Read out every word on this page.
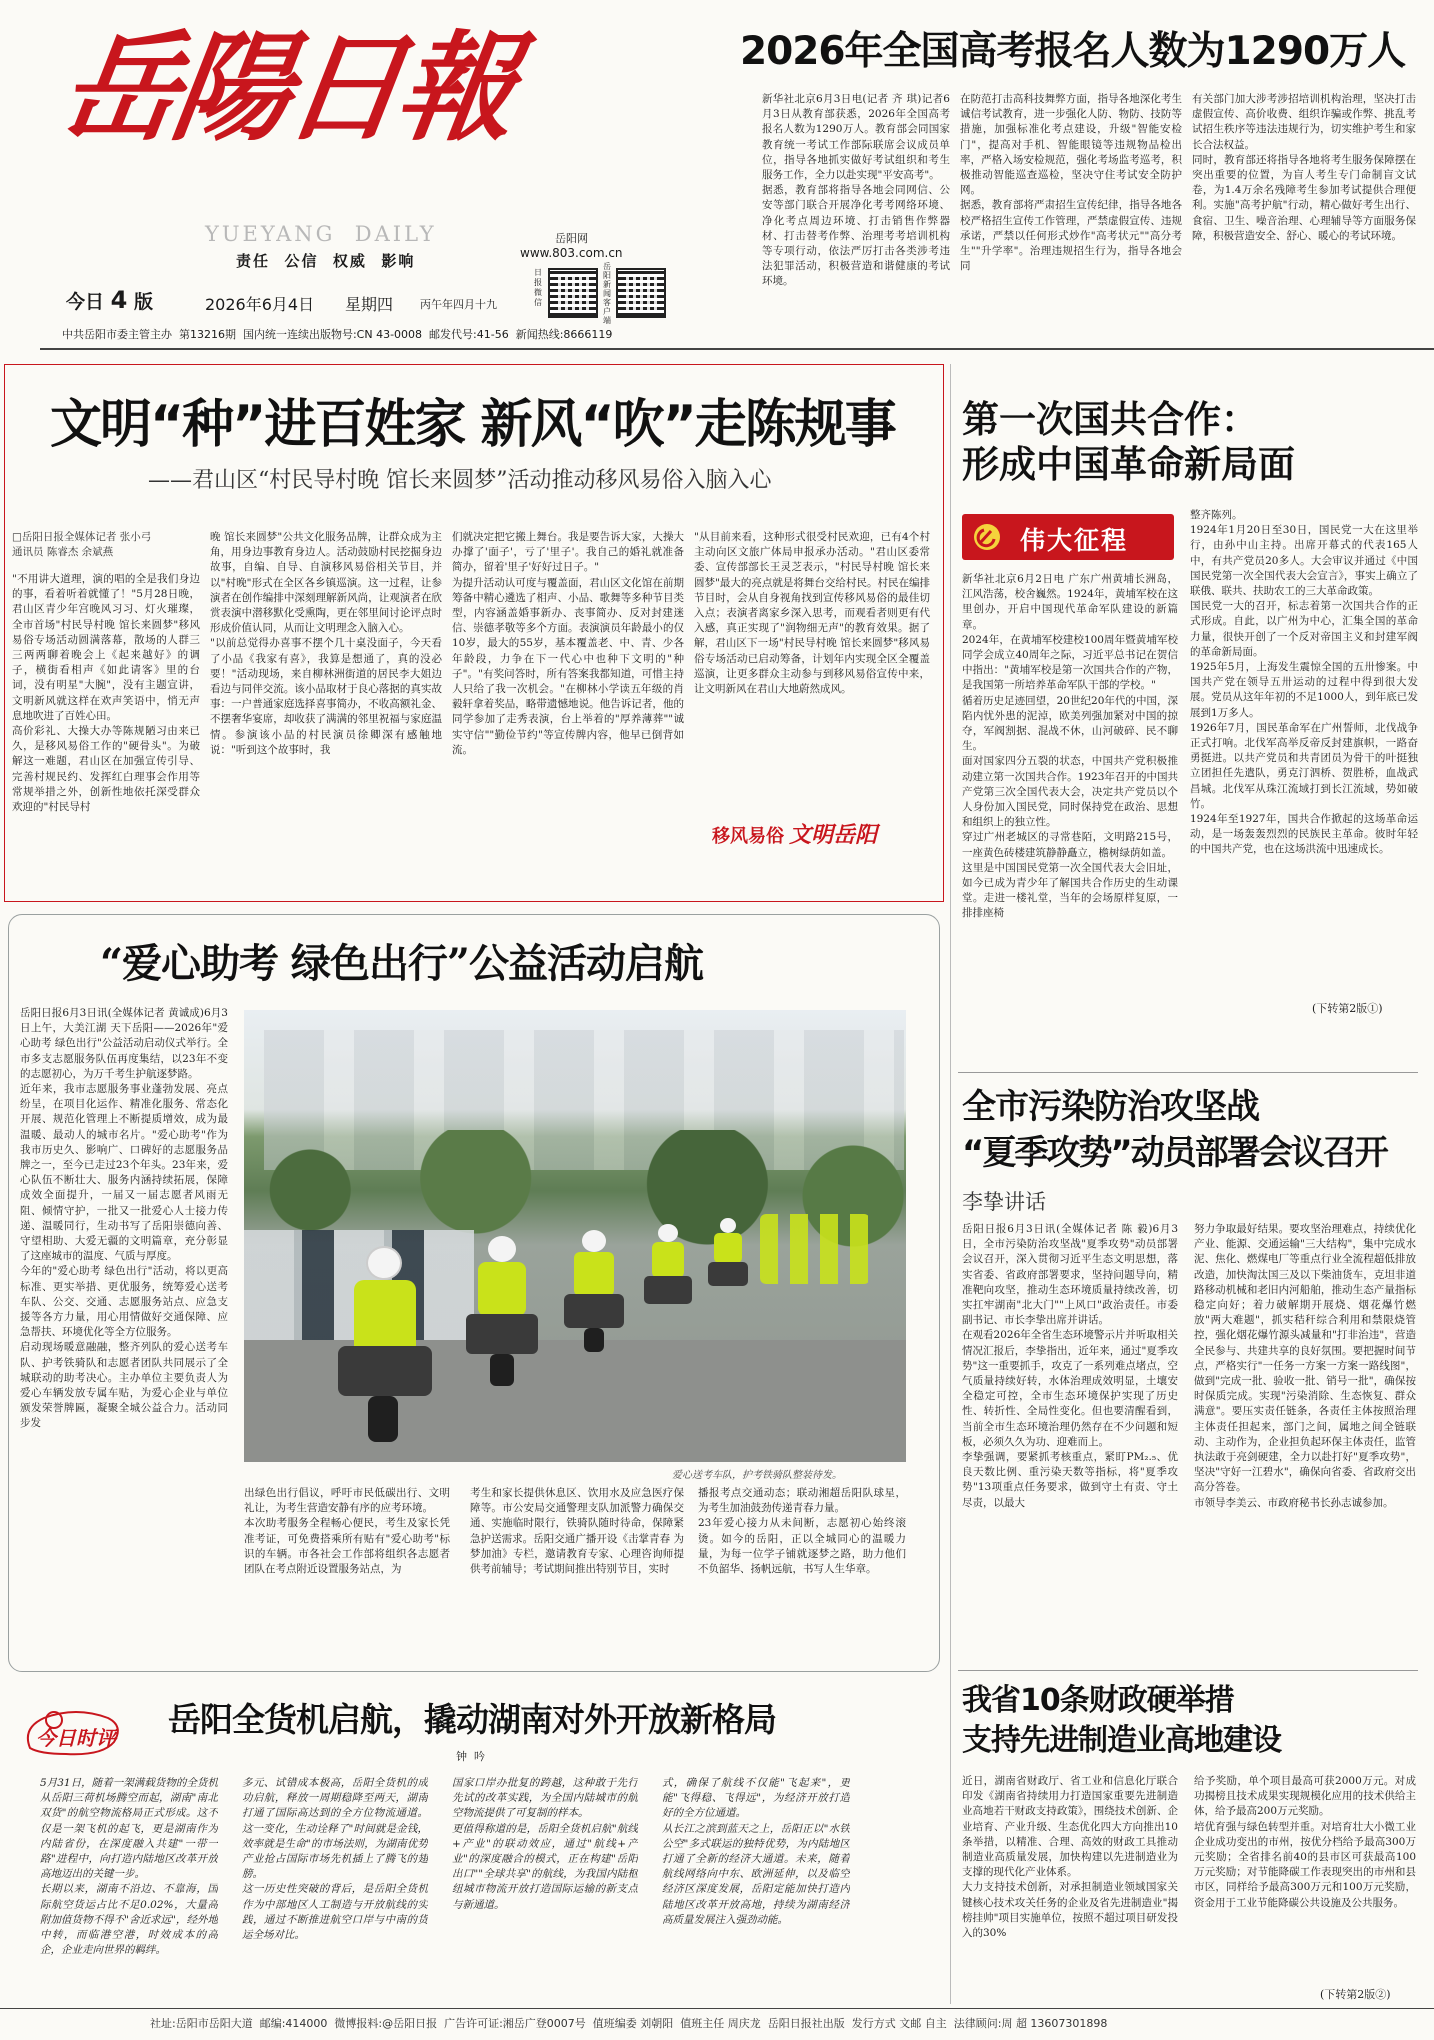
岳陽日報
YUEYANG  DAILY
责任  公信  权威  影响
岳阳网
www.803.com.cn
日报微信
岳阳新闻客户端
今日 4 版	2026年6月4日 星期四 丙午年四月十九
中共岳阳市委主管主办  第13216期  国内统一连续出版物号:CN 43-0008  邮发代号:41-56  新闻热线:8666119
2026年全国高考报名人数为1290万人
新华社北京6月3日电(记者 齐 琪)记者6月3日从教育部获悉，2026年全国高考报名人数为1290万人。教育部会同国家教育统一考试工作部际联席会议成员单位，指导各地抓实做好考试组织和考生服务工作，全力以赴实现"平安高考"。
据悉，教育部将指导各地会同网信、公安等部门联合开展净化考考网络环境、净化考点周边环境、打击销售作弊器材、打击替考作弊、治理考考培训机构等专项行动，依法严厉打击各类涉考违法犯罪活动，积极营造和谐健康的考试环境。
在防范打击高科技舞弊方面，指导各地深化考生诚信考试教育，进一步强化人防、物防、技防等措施，加强标准化考点建设，升级"智能安检门"，提高对手机、智能眼镜等违规物品检出率，严格入场安检规范，强化考场监考巡考，积极推动智能巡查巡检，坚决守住考试安全防护网。
据悉，教育部将严肃招生宣传纪律，指导各地各校严格招生宣传工作管理，严禁虚假宣传、违规承诺，严禁以任何形式炒作"高考状元""高分考生""升学率"。治理违规招生行为，指导各地会同
有关部门加大涉考涉招培训机构治理，坚决打击虚假宣传、高价收费、组织诈骗或作弊、挑乱考试招生秩序等违法违规行为，切实维护考生和家长合法权益。
同时，教育部还将指导各地将考生服务保障摆在突出重要的位置，为盲人考生专门命制盲文试卷，为1.4万余名残障考生参加考试提供合理便利。实施"高考护航"行动，精心做好考生出行、食宿、卫生、噪音治理、心理辅导等方面服务保障，积极营造安全、舒心、暖心的考试环境。
文明“种”进百姓家 新风“吹”走陈规事
——君山区“村民导村晚 馆长来圆梦”活动推动移风易俗入脑入心
□岳阳日报全媒体记者 张小弓
通讯员 陈睿杰 余斌燕
"不用讲大道理，演的唱的全是我们身边的事，看着听着就懂了！"5月28日晚，君山区青少年宫晚风习习、灯火璀璨，全市首场"村民导村晚 馆长来圆梦"移风易俗专场活动圆满落幕，散场的人群三三两两聊着晚会上《起来越好》的调子，横街看相声《如此请客》里的台词，没有明星"大腕"，没有主题宣讲，文明新风就这样在欢声笑语中，悄无声息地吹进了百姓心田。
高价彩礼、大操大办等陈规陋习由来已久，是移风易俗工作的"硬骨头"。为破解这一难题，君山区在加强宣传引导、完善村规民约、发挥红白理事会作用等常规举措之外，创新性地依托深受群众欢迎的"村民导村
晚 馆长来圆梦"公共文化服务品牌，让群众成为主角，用身边事教育身边人。活动鼓励村民挖掘身边故事，自编、自导、自演移风易俗相关节目，并以"村晚"形式在全区各乡镇巡演。这一过程，让参演者在创作编排中深刻理解新风尚，让观演者在欣赏表演中潜移默化受熏陶，更在邻里间讨论评点时形成价值认同，从而让文明理念入脑入心。
"以前总觉得办喜事不摆个几十桌没面子，今天看了小品《我家有喜》，我算是想通了，真的没必要！"活动现场，来自柳林洲街道的居民李大姐边看边与同伴交流。该小品取材于良心落据的真实故事：一户普通家庭选择喜事简办，不收高额礼金、不摆奢华宴席，却收获了满满的邻里祝福与家庭温情。参演该小品的村民演员徐卿深有感触地说："听到这个故事时，我
们就决定把它搬上舞台。我是要告诉大家，大操大办撑了'面子'，亏了'里子'。我自己的婚礼就准备简办，留着'里子'好好过日子。"
为提升活动认可度与覆盖面，君山区文化馆在前期筹备中精心遴选了相声、小品、歌舞等多种节目类型，内容涵盖婚事新办、丧事简办、反对封建迷信、崇德孝敬等多个方面。表演演员年龄最小的仅10岁，最大的55岁，基本覆盖老、中、青、少各年龄段，力争在下一代心中也种下文明的"种子"。"有奖问答时，所有答案我都知道，可惜主持人只给了我一次机会。"在柳林小学读五年级的肖毅轩拿着奖品，略带遗憾地说。他告诉记者，他的同学参加了走秀表演，台上举着的"厚养薄葬""诚实守信""勤俭节约"等宣传牌内容，他早已倒背如流。
"从目前来看，这种形式很受村民欢迎，已有4个村主动向区文旅广体局申报承办活动。"君山区委常委、宣传部部长王灵芝表示，"村民导村晚 馆长来圆梦"最大的亮点就是将舞台交给村民。村民在编排节目时，会从自身视角找到宣传移风易俗的最佳切入点；表演者离家乡深入思考，而观看者则更有代入感，真正实现了"润物细无声"的教育效果。据了解，君山区下一场"村民导村晚 馆长来圆梦"移风易俗专场活动已启动筹备，计划年内实现全区全覆盖巡演，让更多群众主动参与到移风易俗宣传中来，让文明新风在君山大地蔚然成风。
移风易俗 文明岳阳
第一次国共合作：
形成中国革命新局面
伟大征程
新华社北京6月2日电 广东广州黄埔长洲岛，江风浩荡，校舍巍然。1924年，黄埔军校在这里创办，开启中国现代革命军队建设的新篇章。
2024年，在黄埔军校建校100周年暨黄埔军校同学会成立40周年之际，习近平总书记在贺信中指出："黄埔军校是第一次国共合作的产物，是我国第一所培养革命军队干部的学校。"
循着历史足迹回望，20世纪20年代的中国，深陷内忧外患的泥淖，欧美列强加紧对中国的掠夺，军阀割据、混战不休，山河破碎、民不聊生。
面对国家四分五裂的状态，中国共产党积极推动建立第一次国共合作。1923年召开的中国共产党第三次全国代表大会，决定共产党员以个人身份加入国民党，同时保持党在政治、思想和组织上的独立性。
穿过广州老城区的寻常巷陌，文明路215号，一座黄色砖楼建筑静静矗立，檐树绿荫如盖。
这里是中国国民党第一次全国代表大会旧址，如今已成为青少年了解国共合作历史的生动课堂。走进一楼礼堂，当年的会场原样复原，一排排座椅
整齐陈列。
1924年1月20日至30日，国民党一大在这里举行，由孙中山主持。出席开幕式的代表165人中，有共产党员20多人。大会审议并通过《中国国民党第一次全国代表大会宣言》，事实上确立了联俄、联共、扶助农工的三大革命政策。
国民党一大的召开，标志着第一次国共合作的正式形成。自此，以广州为中心，汇集全国的革命力量，很快开创了一个反对帝国主义和封建军阀的革命新局面。
1925年5月，上海发生震惊全国的五卅惨案。中国共产党在领导五卅运动的过程中得到很大发展。党员从这年年初的不足1000人，到年底已发展到1万多人。
1926年7月，国民革命军在广州誓师，北伐战争正式打响。北伐军高举反帝反封建旗帜，一路奋勇挺进。以共产党员和共青团员为骨干的叶挺独立团担任先遣队，勇克汀泗桥、贺胜桥，血战武昌城。北伐军从珠江流域打到长江流域，势如破竹。
1924年至1927年，国共合作掀起的这场革命运动，是一场轰轰烈烈的民族民主革命。彼时年轻的中国共产党，也在这场洪流中迅速成长。
(下转第2版①)
“爱心助考 绿色出行”公益活动启航
岳阳日报6月3日讯(全媒体记者 黄诚成)6月3日上午，大美江湖 天下岳阳——2026年"爱心助考 绿色出行"公益活动启动仪式举行。全市多支志愿服务队伍再度集结，以23年不变的志愿初心，为万千考生护航逐梦路。
近年来，我市志愿服务事业蓬勃发展、亮点纷呈，在项目化运作、精准化服务、常态化开展、规范化管理上不断提质增效，成为最温暖、最动人的城市名片。"爱心助考"作为我市历史久、影响广、口碑好的志愿服务品牌之一，至今已走过23个年头。23年来，爱心队伍不断壮大、服务内涵持续拓展，保障成效全面提升，一届又一届志愿者风雨无阻、倾情守护，一批又一批爱心人士接力传递、温暖同行，生动书写了岳阳崇德向善、守望相助、大爱无疆的文明篇章，充分彰显了这座城市的温度、气质与厚度。
今年的"爱心助考 绿色出行"活动，将以更高标准、更实举措、更优服务，统筹爱心送考车队、公交、交通、志愿服务站点、应急支援等各方力量，用心用情做好交通保障、应急帮扶、环境优化等全方位服务。
启动现场暖意融融，整齐列队的爱心送考车队、护考铁骑队和志愿者团队共同展示了全城联动的助考决心。主办单位主要负责人为爱心车辆发放专属车贴，为爱心企业与单位颁发荣誉牌匾，凝聚全城公益合力。活动同步发
爱心送考车队，护考铁骑队整装待发。
出绿色出行倡议，呼吁市民低碳出行、文明礼让，为考生营造安静有序的应考环境。
本次助考服务全程畅心便民，考生及家长凭准考证，可免费搭乘所有贴有"爱心助考"标识的车辆。市各社会工作部将组织各志愿者团队在考点附近设置服务站点，为
考生和家长提供休息区、饮用水及应急医疗保障等。市公安局交通警理支队加派警力确保交通、实施临时限行，铁骑队随时待命，保障紧急护送需求。岳阳交通广播开设《击掌青春 为梦加油》专栏，邀请教育专家、心理咨询师提供考前辅导；考试期间推出特别节目，实时
播报考点交通动态；联动湘超岳阳队球星，为考生加油鼓劲传递青春力量。
23年爱心接力从未间断，志愿初心始终滚烫。如今的岳阳，正以全城同心的温暖力量，为每一位学子铺就逐梦之路，助力他们不负韶华、扬帆远航，书写人生华章。
全市污染防治攻坚战
“夏季攻势”动员部署会议召开
李挚讲话
岳阳日报6月3日讯(全媒体记者 陈 毅)6月3日，全市污染防治攻坚战"夏季攻势"动员部署会议召开，深入贯彻习近平生态文明思想，落实省委、省政府部署要求，坚持问题导向，精准靶向攻坚，推动生态环境质量持续改善，切实扛牢湖南"北大门""上风口"政治责任。市委副书记、市长李挚出席并讲话。
在观看2026年全省生态环境警示片并听取相关情况汇报后，李挚指出，近年来，通过"夏季攻势"这一重要抓手，攻克了一系列难点堵点，空气质量持续好转，水体治理成效明显，土壤安全稳定可控，全市生态环境保护实现了历史性、转折性、全局性变化。但也要清醒看到，当前全市生态环境治理仍然存在不少问题和短板，必须久久为功、迎难而上。
李挚强调，要紧抓考核重点，紧盯PM₂.₅、优良天数比例、重污染天数等指标，将"夏季攻势"13项重点任务要求，做到守土有责、守土尽责，以最大
努力争取最好结果。要攻坚治理难点，持续优化产业、能源、交通运输"三大结构"，集中完成水泥、焦化、燃煤电厂等重点行业全流程超低排放改造，加快淘汰国三及以下柴油货车，克坦非道路移动机械和老旧内河船舶，推动生态产量指标稳定向好；着力破解期开展烧、烟花爆竹燃放"两大难题"，抓实秸秆综合利用和禁限烧管控，强化烟花爆竹源头减量和"打非治违"，营造全民参与、共建共享的良好氛围。要把握时间节点，严格实行"一任务一方案一方案一路线图"，做到"完成一批、验收一批、销号一批"，确保按时保质完成。实现"污染消除、生态恢复、群众满意"。要压实责任链条，各责任主体按照治理主体责任担起来，部门之间，属地之间全链联动、主动作为，企业担负起环保主体责任，监管执法敢于亮剑硬建，全力以赴打好"夏季攻势"，坚决"守好一江碧水"，确保向省委、省政府交出高分答卷。
市领导李美云、市政府秘书长孙志诚参加。
今日时评 岳阳全货机启航，撬动湖南对外开放新格局
钟  吟
5月31日，随着一架满载货物的全货机从岳阳三荷机场腾空而起，湖南"南北双货"的航空物流格局正式形成。这不仅是一架飞机的起飞，更是湖南作为内陆省份，在深度融入共建"一带一路"进程中，向打造内陆地区改革开放高地迈出的关键一步。
长期以来，湖南不沿边、不靠海，国际航空货运占比不足0.02%，大量高附加值货物不得不"舍近求远"，经外地中转，而临港空港，时效成本的高企，企业走向世界的羁绊。
多元、试错成本极高，岳阳全货机的成功启航，释放一周期稳降至两天，湖南打通了国际高达到的全方位物流通道。这一变化，生动诠释了"时间就是金钱，效率就是生命"的市场法则，为湖南优势产业抢占国际市场先机插上了腾飞的翅膀。
这一历史性突破的背后，是岳阳全货机作为中部地区人工制造与开放航线的实践，通过不断推进航空口岸与中南的货运全场对比。
国家口岸办批复的跨越，这种敢于先行先试的改革实践，为全国内陆城市的航空物流提供了可复制的样本。
更值得称道的是，岳阳全货机启航"航线+产业"的联动效应，通过"航线+产业"的深度融合的模式，正在构建"岳阳出口""全球共享"的航线，为我国内陆枢纽城市物流开放打造国际运输的新支点与新通道。
式，确保了航线不仅能"飞起来"，更能"飞得稳、飞得远"，为经济开放打造好的全方位通道。
从长江之滨到蓝天之上，岳阳正以"水铁公空"多式联运的独特优势，为内陆地区打通了全新的经济大通道。未来，随着航线网络向中东、欧洲延伸，以及临空经济区深度发展，岳阳定能加快打造内陆地区改革开放高地，持续为湖南经济高质量发展注入强劲动能。
我省10条财政硬举措
支持先进制造业高地建设
近日，湖南省财政厅、省工业和信息化厅联合印发《湖南省持续用力打造国家重要先进制造业高地若干财政支持政策》，围绕技术创新、企业培育、产业升级、生态优化四大方向推出10条举措，以精准、合理、高效的财政工具推动制造业高质量发展，加快构建以先进制造业为支撑的现代化产业体系。
大力支持技术创新，对承担制造业领域国家关键核心技术攻关任务的企业及省先进制造业"揭榜挂帅"项目实施单位，按照不超过项目研发投入的30%
给予奖励，单个项目最高可获2000万元。对成功揭榜且技术成果实现规模化应用的技术供给主体，给予最高200万元奖励。
培优育强与绿色转型并重。对培育壮大小微工业企业成功变出的市州，按优分档给予最高300万元奖励；全省排名前40的县市区可获最高100万元奖励；对节能降碳工作表现突出的市州和县市区，同样给予最高300万元和100万元奖励，资金用于工业节能降碳公共设施及公共服务。
(下转第2版②)
社址:岳阳市岳阳大道  邮编:414000  微博报料:@岳阳日报  广告许可证:湘岳广登0007号  值班编委 刘朝阳  值班主任 周庆龙  岳阳日报社出版  发行方式 文邮 自主  法律顾问:周 超 13607301898
